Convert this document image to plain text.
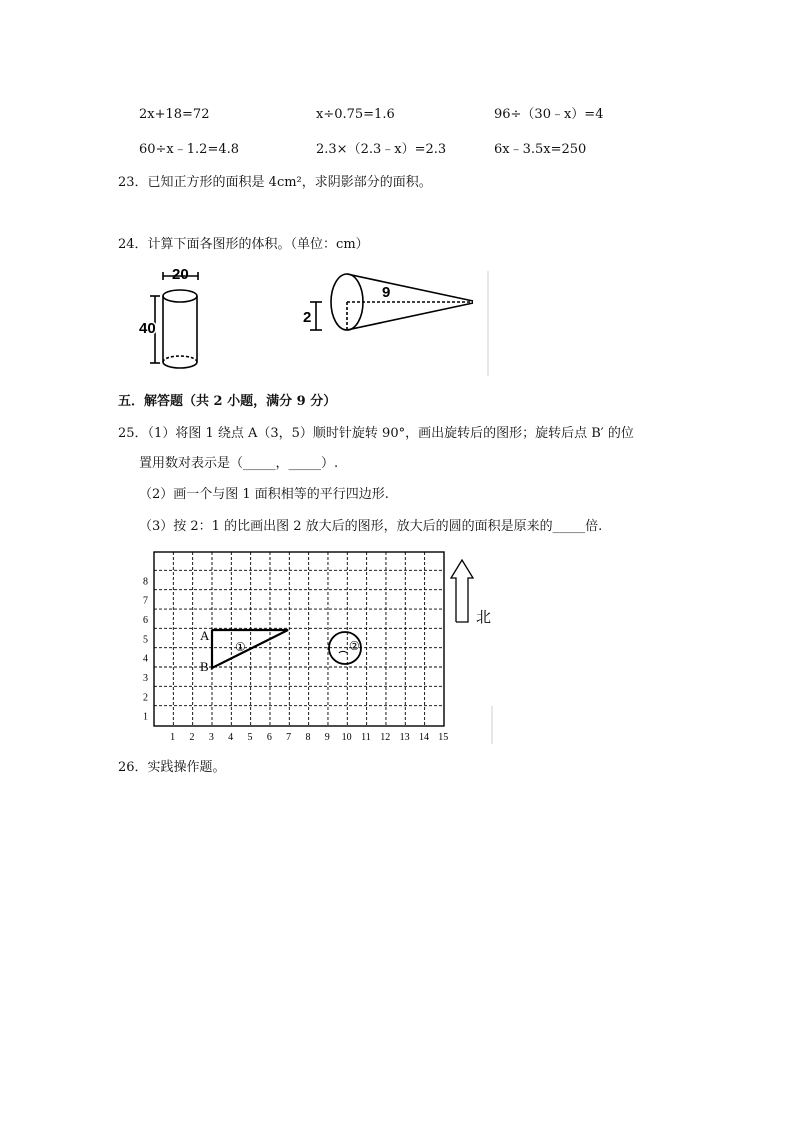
2x+18=72	x÷0.75=1.6	96÷（30﹣x）=4
60÷x﹣1.2=4.8	2.3×（2.3﹣x）=2.3	6x﹣3.5x=250
23．已知正方形的面积是 4cm²，求阴影部分的面积。
24．计算下面各图形的体积。（单位：cm）
20
40
9
2
五．解答题（共 2 小题，满分 9 分）
25．（1）将图 1 绕点 A（3，5）顺时针旋转 90°，画出旋转后的图形；旋转后点 B′ 的位
置用数对表示是（_____，_____）.
（2）画一个与图 1 面积相等的平行四边形.
（3）按 2：1 的比画出图 2 放大后的图形，放大后的圆的面积是原来的_____倍.
1 2 3 4 5 6 7 8 9 10 11 12 13 14 15
1
2
3
4
5
6
7
8
A
B
①	②
北
26．实践操作题。
